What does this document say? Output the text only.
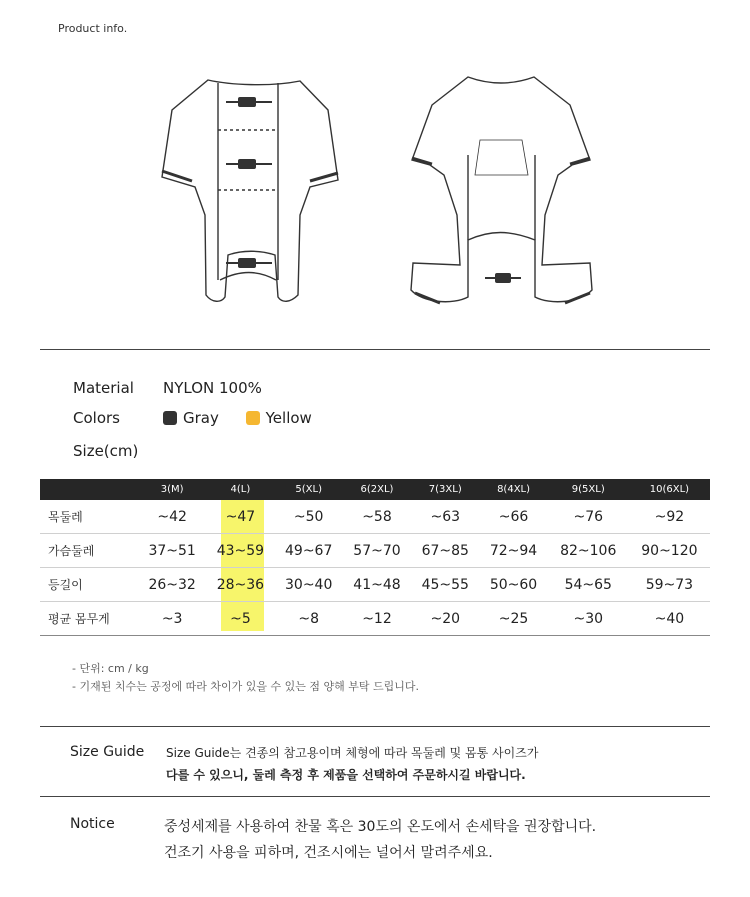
Product info.
Material NYLON 100%
Colors	Gray	Yellow
Size(cm)
	3(M)	4(L)	5(XL)	6(2XL)	7(3XL)	8(4XL)	9(5XL)	10(6XL)
목둘레	~42	~47	~50	~58	~63	~66	~76	~92
가슴둘레	37~51	43~59	49~67	57~70	67~85	72~94	82~106	90~120
등길이	26~32	28~36	30~40	41~48	45~55	50~60	54~65	59~73
평균 몸무게	~3	~5	~8	~12	~20	~25	~30	~40
- 단위: cm / kg
- 기재된 치수는 공정에 따라 차이가 있을 수 있는 점 양해 부탁 드립니다.
Size Guide Size Guide는 견종의 참고용이며 체형에 따라 목둘레 및 몸통 사이즈가
다를 수 있으니, 둘레 측정 후 제품을 선택하여 주문하시길 바랍니다.
Notice	중성세제를 사용하여 찬물 혹은 30도의 온도에서 손세탁을 권장합니다.
건조기 사용을 피하며, 건조시에는 널어서 말려주세요.
